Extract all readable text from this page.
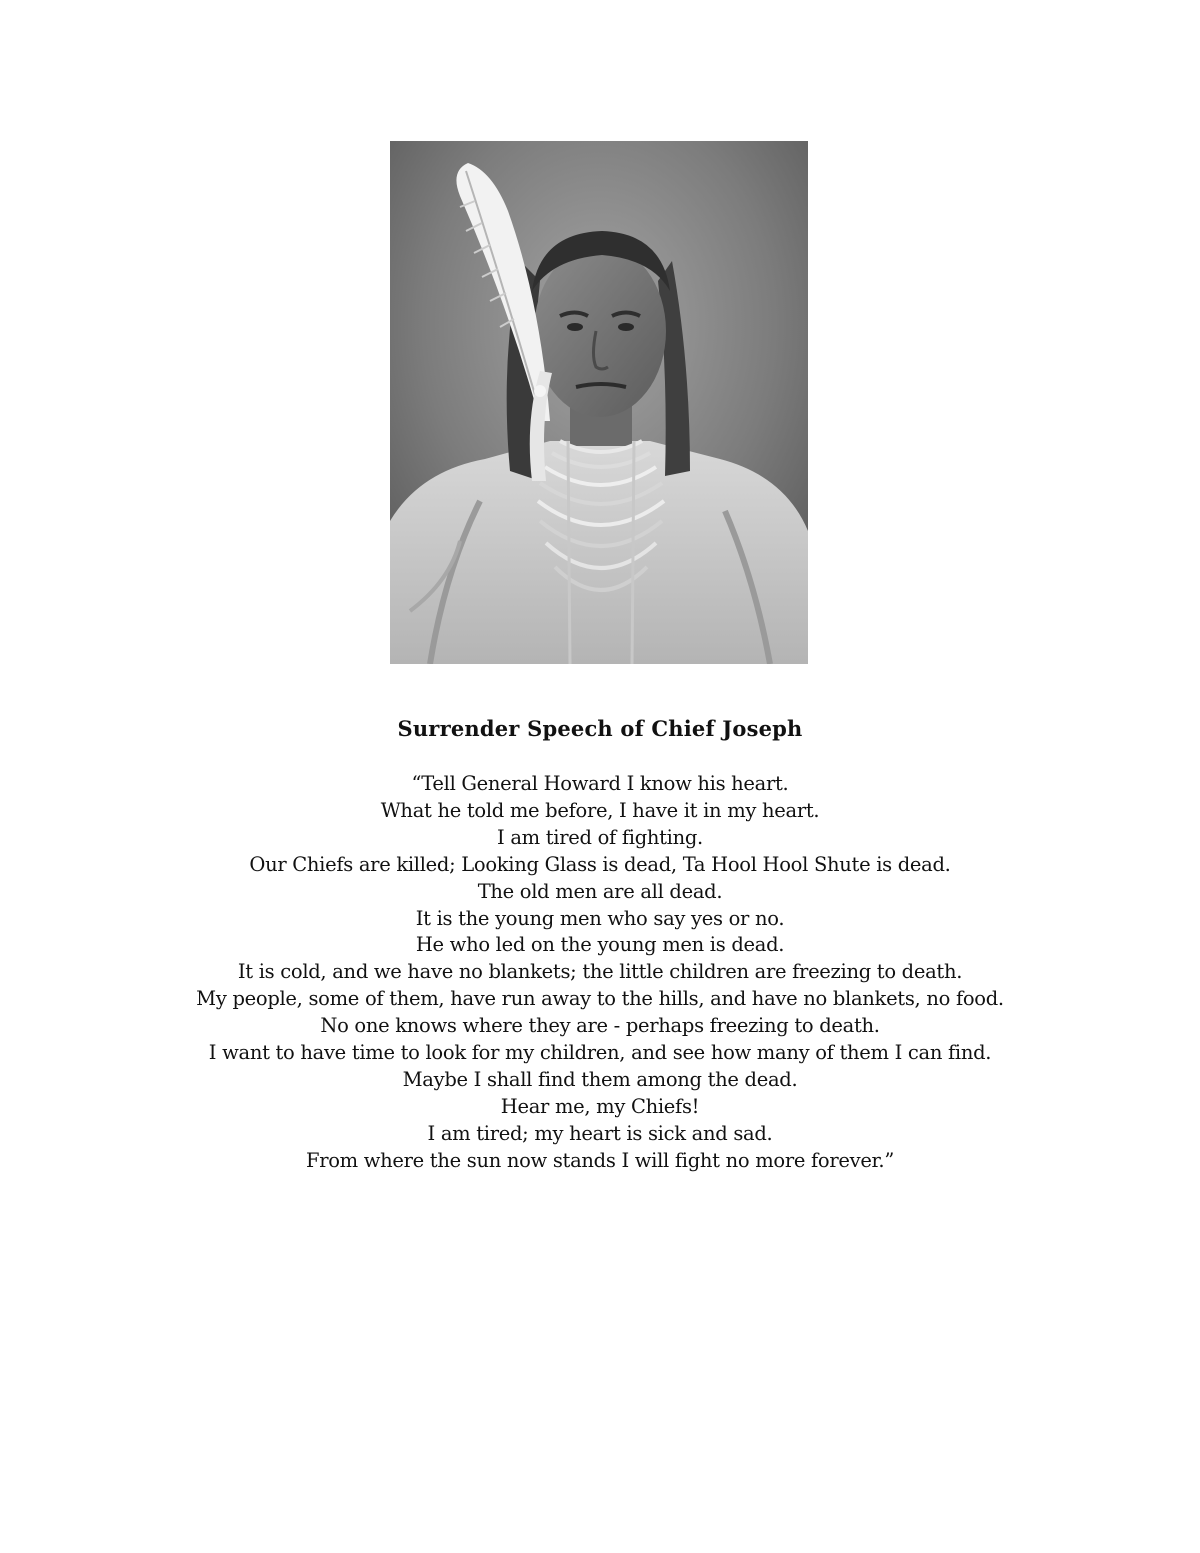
Surrender Speech of Chief Joseph
“Tell General Howard I know his heart.
What he told me before, I have it in my heart.
I am tired of fighting.
Our Chiefs are killed; Looking Glass is dead, Ta Hool Hool Shute is dead.
The old men are all dead.
It is the young men who say yes or no.
He who led on the young men is dead.
It is cold, and we have no blankets; the little children are freezing to death.
My people, some of them, have run away to the hills, and have no blankets, no food.
No one knows where they are - perhaps freezing to death.
I want to have time to look for my children, and see how many of them I can find.
Maybe I shall find them among the dead.
Hear me, my Chiefs!
I am tired; my heart is sick and sad.
From where the sun now stands I will fight no more forever.”
